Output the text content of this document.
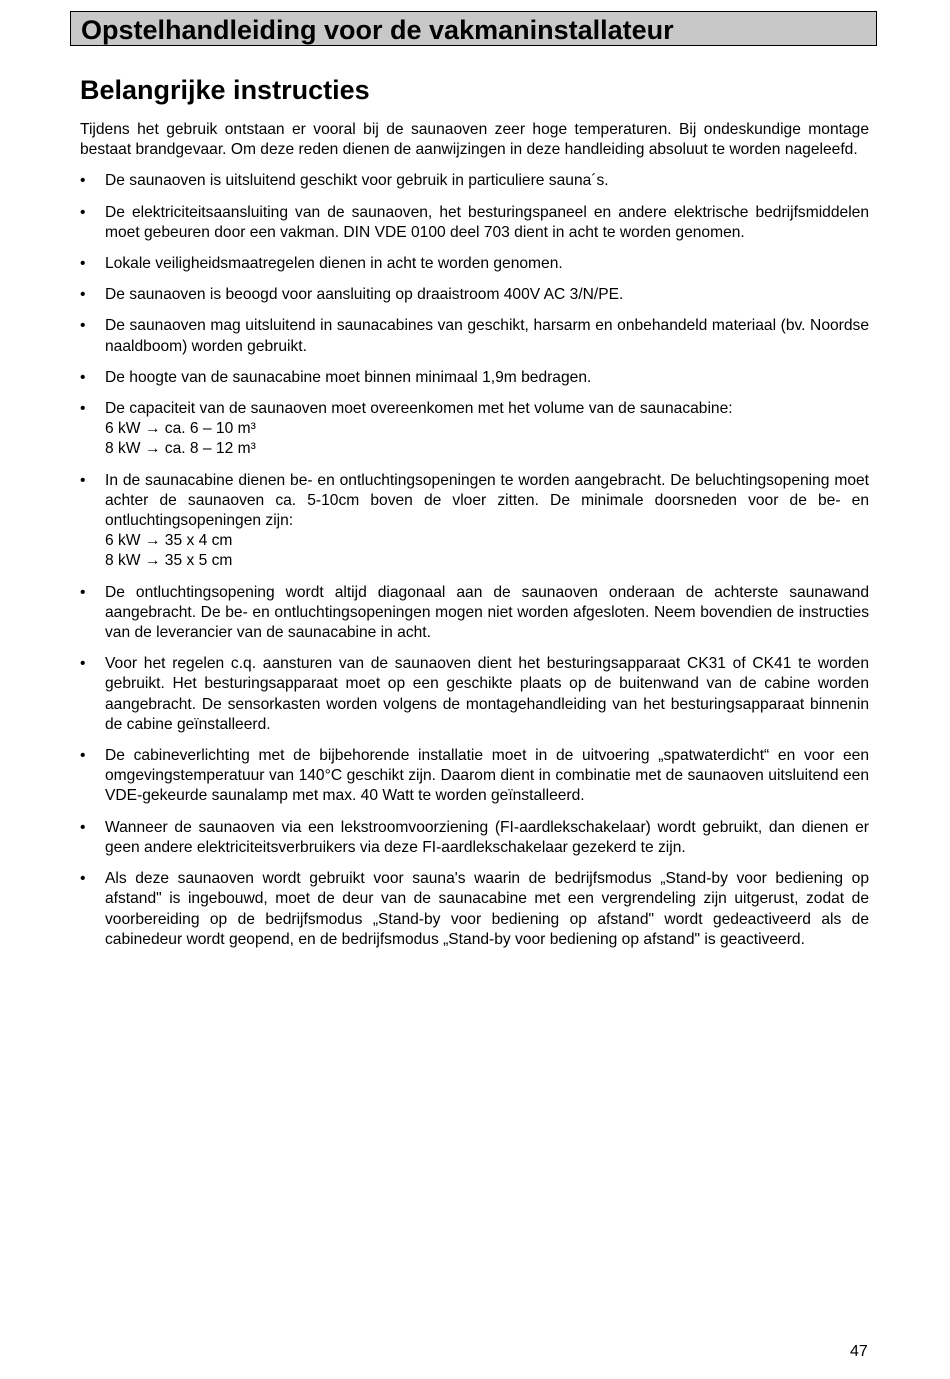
Opstelhandleiding voor de vakmaninstallateur
Belangrijke instructies

Tijdens het gebruik ontstaan er vooral bij de saunaoven zeer hoge temperaturen. Bij ondeskundige montage bestaat brandgevaar. Om deze reden dienen de aanwijzingen in deze handleiding absoluut te worden nageleefd.

• De saunaoven is uitsluitend geschikt voor gebruik in particuliere sauna´s.
• De elektriciteitsaansluiting van de saunaoven, het besturingspaneel en andere elektrische bedrijfsmiddelen moet gebeuren door een vakman. DIN VDE 0100 deel 703 dient in acht te worden genomen.
• Lokale veiligheidsmaatregelen dienen in acht te worden genomen.
• De saunaoven is beoogd voor aansluiting op draaistroom 400V AC 3/N/PE.
• De saunaoven mag uitsluitend in saunacabines van geschikt, harsarm en onbehandeld materiaal (bv. Noordse naaldboom) worden gebruikt.
• De hoogte van de saunacabine moet binnen minimaal 1,9m bedragen.
• De capaciteit van de saunaoven moet overeenkomen met het volume van de saunacabine:
6 kW → ca. 6 – 10 m³
8 kW → ca. 8 – 12 m³
• In de saunacabine dienen be- en ontluchtingsopeningen te worden aangebracht. De beluchtingsopening moet achter de saunaoven ca. 5-10cm boven de vloer zitten. De minimale doorsneden voor de be- en ontluchtingsopeningen zijn:
6 kW → 35 x 4 cm
8 kW → 35 x 5 cm
• De ontluchtingsopening wordt altijd diagonaal aan de saunaoven onderaan de achterste saunawand aangebracht. De be- en ontluchtingsopeningen mogen niet worden afgesloten. Neem bovendien de instructies van de leverancier van de saunacabine in acht.
• Voor het regelen c.q. aansturen van de saunaoven dient het besturingsapparaat CK31 of CK41 te worden gebruikt. Het besturingsapparaat moet op een geschikte plaats op de buitenwand van de cabine worden aangebracht. De sensorkasten worden volgens de montagehandleiding van het besturingsapparaat binnenin de cabine geïnstalleerd.
• De cabineverlichting met de bijbehorende installatie moet in de uitvoering „spatwaterdicht“ en voor een omgevingstemperatuur van 140°C geschikt zijn. Daarom dient in combinatie met de saunaoven uitsluitend een VDE-gekeurde saunalamp met max. 40 Watt te worden geïnstalleerd.
• Wanneer de saunaoven via een lekstroomvoorziening (FI-aardlekschakelaar) wordt gebruikt, dan dienen er geen andere elektriciteitsverbruikers via deze FI-aardlekschakelaar gezekerd te zijn.
• Als deze saunaoven wordt gebruikt voor sauna's waarin de bedrijfsmodus „Stand-by voor bediening op afstand" is ingebouwd, moet de deur van de saunacabine met een vergrendeling zijn uitgerust, zodat de voorbereiding op de bedrijfsmodus „Stand-by voor bediening op afstand" wordt gedeactiveerd als de cabinedeur wordt geopend, en de bedrijfsmodus „Stand-by voor bediening op afstand" is geactiveerd.
47
